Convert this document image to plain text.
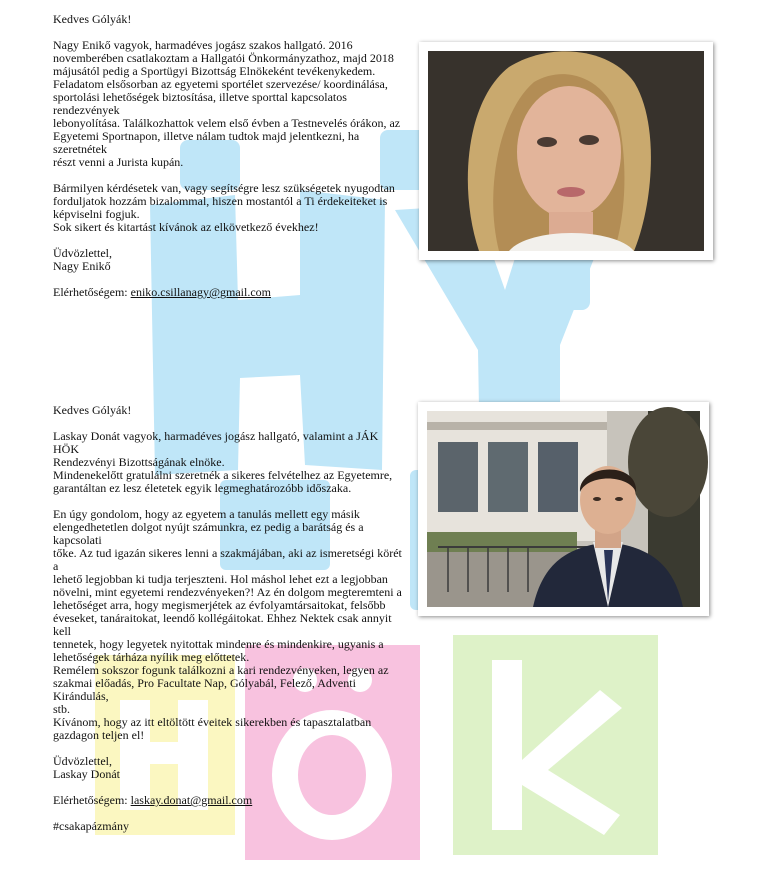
Kedves Gólyák!

Nagy Enikő vagyok, harmadéves jogász szakos hallgató. 2016

novemberében csatlakoztam a Hallgatói Önkormányzathoz, majd 2018

májusától pedig a Sportügyi Bizottság Elnökeként tevékenykedem.

Feladatom elsősorban az egyetemi sportélet szervezése/ koordinálása,

sportolási lehetőségek biztosítása, illetve sporttal kapcsolatos rendezvények

lebonyolítása. Találkozhattok velem első évben a Testnevelés órákon, az

Egyetemi Sportnapon, illetve nálam tudtok majd jelentkezni, ha szeretnétek

részt venni a Jurista kupán.

Bármilyen kérdésetek van, vagy segítségre lesz szükségetek nyugodtan

forduljatok hozzám bizalommal, hiszen mostantól a Ti érdekeiteket is

képviselni fogjuk.

Sok sikert és kitartást kívánok az elkövetkező évekhez!

Üdvözlettel,

Nagy Enikő

Elérhetőségem: eniko.csillanagy@gmail.com

Kedves Gólyák!

Laskay Donát vagyok, harmadéves jogász hallgató, valamint a JÁK HÖK

Rendezvényi Bizottságának elnöke.

Mindenekelőtt gratulálni szeretnék a sikeres felvételhez az Egyetemre,

garantáltan ez lesz életetek egyik legmeghatározóbb időszaka.

En úgy gondolom, hogy az egyetem a tanulás mellett egy másik

elengedhetetlen dolgot nyújt számunkra, ez pedig a barátság és a kapcsolati

tőke. Az tud igazán sikeres lenni a szakmájában, aki az ismeretségi körét a

lehető legjobban ki tudja terjeszteni. Hol máshol lehet ezt a legjobban

növelni, mint egyetemi rendezvényeken?! Az én dolgom megteremteni a

lehetőséget arra, hogy megismerjétek az évfolyamtársaitokat, felsőbb

éveseket, tanáraitokat, leendő kollégáitokat. Ehhez Nektek csak annyit kell

tennetek, hogy legyetek nyitottak mindenre és mindenkire, ugyanis a

lehetőségek tárháza nyílik meg előttetek.

Remélem sokszor fogunk találkozni a kari rendezvényeken, legyen az

szakmai előadás, Pro Facultate Nap, Gólyabál, Felező, Adventi Kirándulás,

stb.

Kívánom, hogy az itt eltöltött éveitek sikerekben és tapasztalatban

gazdagon teljen el!

Üdvözlettel,

Laskay Donát

Elérhetőségem: laskay.donat@gmail.com

#csakapázmány
